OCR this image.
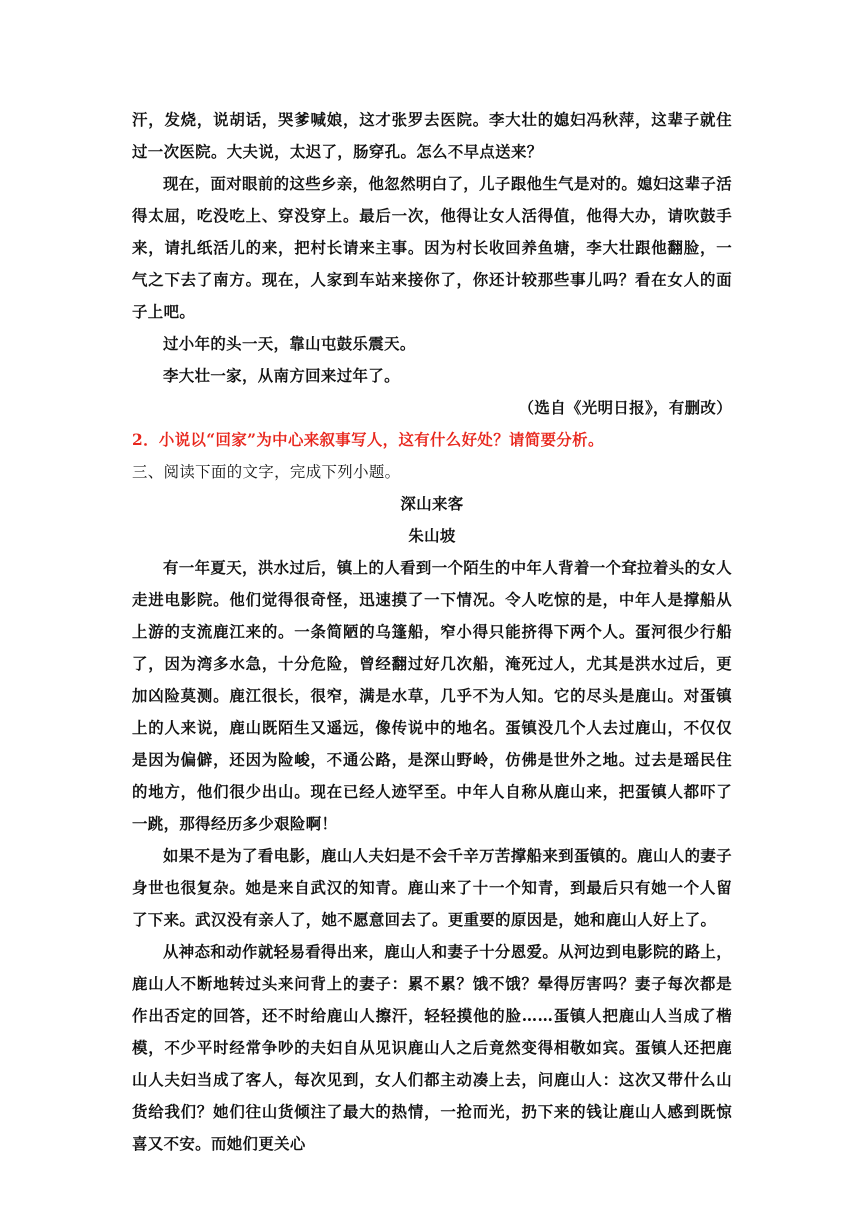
汗，发烧，说胡话，哭爹喊娘，这才张罗去医院。李大壮的媳妇冯秋萍，这辈子就住过一次医院。大夫说，太迟了，肠穿孔。怎么不早点送来？

现在，面对眼前的这些乡亲，他忽然明白了，儿子跟他生气是对的。媳妇这辈子活得太屈，吃没吃上、穿没穿上。最后一次，他得让女人活得值，他得大办，请吹鼓手来，请扎纸活儿的来，把村长请来主事。因为村长收回养鱼塘，李大壮跟他翻脸，一气之下去了南方。现在，人家到车站来接你了，你还计较那些事儿吗？看在女人的面子上吧。

过小年的头一天，靠山屯鼓乐震天。

李大壮一家，从南方回来过年了。

（选自《光明日报》，有删改）

2．小说以“回家”为中心来叙事写人，这有什么好处？请简要分析。

三、阅读下面的文字，完成下列小题。

深山来客

朱山坡

有一年夏天，洪水过后，镇上的人看到一个陌生的中年人背着一个耷拉着头的女人走进电影院。他们觉得很奇怪，迅速摸了一下情况。令人吃惊的是，中年人是撑船从上游的支流鹿江来的。一条简陋的乌篷船，窄小得只能挤得下两个人。蛋河很少行船了，因为湾多水急，十分危险，曾经翻过好几次船，淹死过人，尤其是洪水过后，更加凶险莫测。鹿江很长，很窄，满是水草，几乎不为人知。它的尽头是鹿山。对蛋镇上的人来说，鹿山既陌生又遥远，像传说中的地名。蛋镇没几个人去过鹿山，不仅仅是因为偏僻，还因为险峻，不通公路，是深山野岭，仿佛是世外之地。过去是瑶民住的地方，他们很少出山。现在已经人迹罕至。中年人自称从鹿山来，把蛋镇人都吓了一跳，那得经历多少艰险啊！

如果不是为了看电影，鹿山人夫妇是不会千辛万苦撑船来到蛋镇的。鹿山人的妻子身世也很复杂。她是来自武汉的知青。鹿山来了十一个知青，到最后只有她一个人留了下来。武汉没有亲人了，她不愿意回去了。更重要的原因是，她和鹿山人好上了。

从神态和动作就轻易看得出来，鹿山人和妻子十分恩爱。从河边到电影院的路上，鹿山人不断地转过头来问背上的妻子：累不累？饿不饿？晕得厉害吗？妻子每次都是作出否定的回答，还不时给鹿山人擦汗，轻轻摸他的脸……蛋镇人把鹿山人当成了楷模，不少平时经常争吵的夫妇自从见识鹿山人之后竟然变得相敬如宾。蛋镇人还把鹿山人夫妇当成了客人，每次见到，女人们都主动凑上去，问鹿山人：这次又带什么山货给我们？她们往山货倾注了最大的热情，一抢而光，扔下来的钱让鹿山人感到既惊喜又不安。而她们更关心
